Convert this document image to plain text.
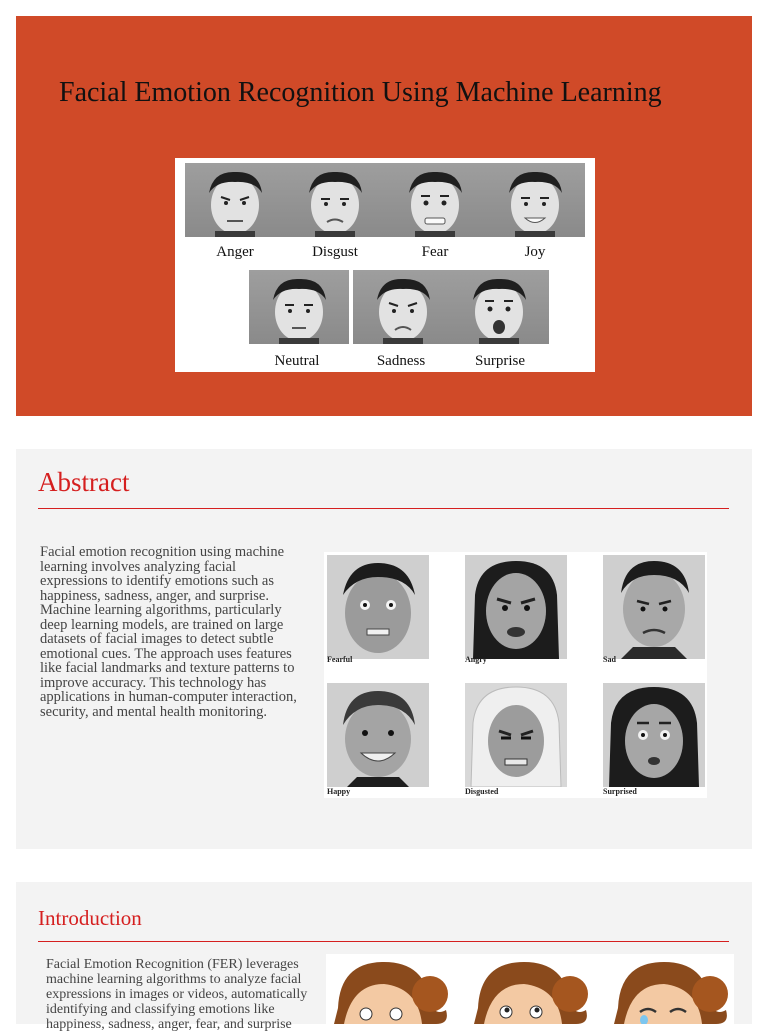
Facial Emotion Recognition Using Machine Learning
Anger	Disgust	Fear	Joy
Neutral	Sadness	Surprise
Abstract

Facial emotion recognition using machine learning involves analyzing facial expressions to identify emotions such as happiness, sadness, anger, and surprise. Machine learning algorithms, particularly deep learning models, are trained on large datasets of facial images to detect subtle emotional cues. The approach uses features like facial landmarks and texture patterns to improve accuracy. This technology has applications in human-computer interaction, security, and mental health monitoring.

Fearful	Angry	Sad
Happy	Disgusted	Surprised
Introduction

Facial Emotion Recognition (FER) leverages machine learning algorithms to analyze facial expressions in images or videos, automatically identifying and classifying emotions like happiness, sadness, anger, fear, and surprise
